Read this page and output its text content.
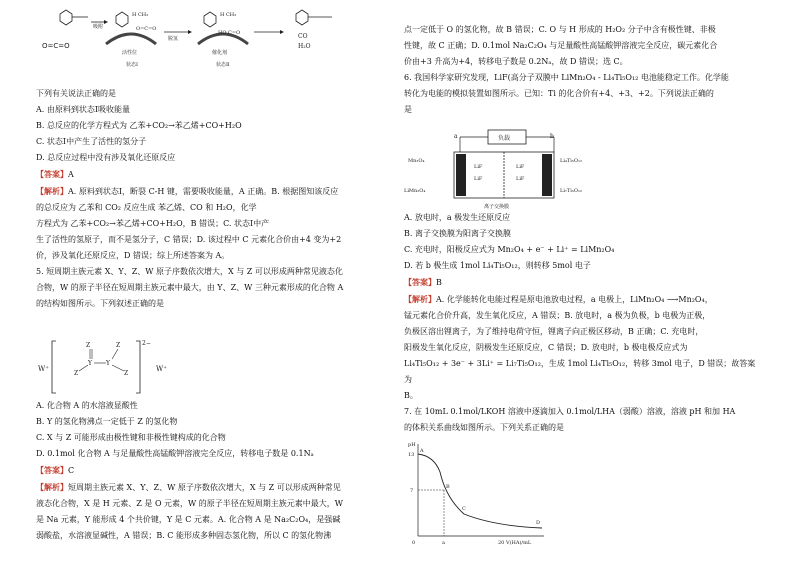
O=C=O
吸附
H CH₃
O=C=O
活性位
状态Ⅰ
脱氢
H CH₃
HO C=O
催化剂
状态Ⅱ
CO
H₂O

下列有关说法正确的是

A. 由原料到状态Ⅰ吸收能量

B. 总反应的化学方程式为 乙苯+CO₂→苯乙烯+CO+H₂O

C. 状态Ⅰ中产生了活性的氢分子

D. 总反应过程中没有涉及氧化还原反应

【答案】A

【解析】A. 原料到状态Ⅰ，断裂 C-H 键，需要吸收能量，A 正确。B. 根据图知该反应

的总反应为 乙苯和 CO₂ 反应生成 苯乙烯、CO 和 H₂O，化学

方程式为 乙苯+CO₂→苯乙烯+CO+H₂O，B 错误；C. 状态Ⅰ中产

生了活性的氢原子，而不是氢分子，C 错误；D. 该过程中 C 元素化合价由+4 变为+2

价，涉及氧化还原反应，D 错误；综上所述答案为 A。

5. 短周期主族元素 X、Y、Z、W 原子序数依次增大，X 与 Z 可以形成两种常见液态化

合物，W 的原子半径在短周期主族元素中最大，由 Y、Z、W 三种元素形成的化合物 A

的结构如图所示。下列叙述正确的是

W⁺
Z
Y
Z	Z
Z
Y
2−
W⁺

A. 化合物 A 的水溶液显酸性

B. Y 的氢化物沸点一定低于 Z 的氢化物

C. X 与 Z 可能形成由极性键和非极性键构成的化合物

D. 0.1mol 化合物 A 与足量酸性高锰酸钾溶液完全反应，转移电子数是 0.1Nₐ

【答案】C

【解析】短周期主族元素 X、Y、Z、W 原子序数依次增大，X 与 Z 可以形成两种常见

液态化合物，X 是 H 元素、Z 是 O 元素，W 的原子半径在短周期主族元素中最大，W

是 Na 元素，Y 能形成 4 个共价键，Y 是 C 元素。A. 化合物 A 是 Na₂C₂O₄，是强碱

弱酸盐，水溶液显碱性，A 错误；B. C 能形成多种固态氢化物，所以 C 的氢化物沸

点一定低于 O 的氢化物，故 B 错误；C. O 与 H 形成的 H₂O₂ 分子中含有极性键、非极

性键，故 C 正确；D. 0.1mol Na₂C₂O₄ 与足量酸性高锰酸钾溶液完全反应，碳元素化合

价由+3 升高为+4，转移电子数是 0.2Nₐ，故 D 错误；选 C。

6. 我国科学家研究发现，LiF(高分子双膜中 LiMn₂O₄ - Li₄Ti₅O₁₂ 电池能稳定工作。化学能

转化为电能的模拟装置如图所示。已知：Ti 的化合价有+4、+3、+2。下列说法正确的

是

a	b
负载
LiF
LiF
LiF
LiF
Mn₂O₄
LiMn₂O₄
Li₄Ti₅O₁₂
Li₇Ti₅O₁₂
离子交换膜

A. 放电时，a 极发生还原反应

B. 离子交换膜为阳离子交换膜

C. 充电时，阳极反应式为 Mn₂O₄ + e⁻ + Li⁺ = LiMn₂O₄

D. 若 b 极生成 1mol Li₄Ti₅O₁₂，则转移 5mol 电子

【答案】B

【解析】A. 化学能转化电能过程是原电池放电过程，a 电极上，LiMn₂O₄ ⟶Mn₂O₄，

锰元素化合价升高，发生氧化反应，A 错误；B. 放电时，a 极为负极，b 电极为正极，

负极区溶出锂离子，为了维持电荷守恒，锂离子向正极区移动，B 正确；C. 充电时，

阳极发生氧化反应，阴极发生还原反应，C 错误；D. 放电时，b 极电极反应式为

Li₄Ti₅O₁₂ + 3e⁻ + 3Li⁺ = Li₇Ti₅O₁₂，生成 1mol Li₄Ti₅O₁₂，转移 3mol 电子，D 错误；故答案为

B。

7. 在 10mL 0.1mol/LKOH 溶液中逐滴加入 0.1mol/LHA（弱酸）溶液，溶液 pH 和加 HA

的体积关系曲线如图所示。下列关系正确的是

pH
13
7
A
B
C
D
0	a	20 V(HA)/mL
